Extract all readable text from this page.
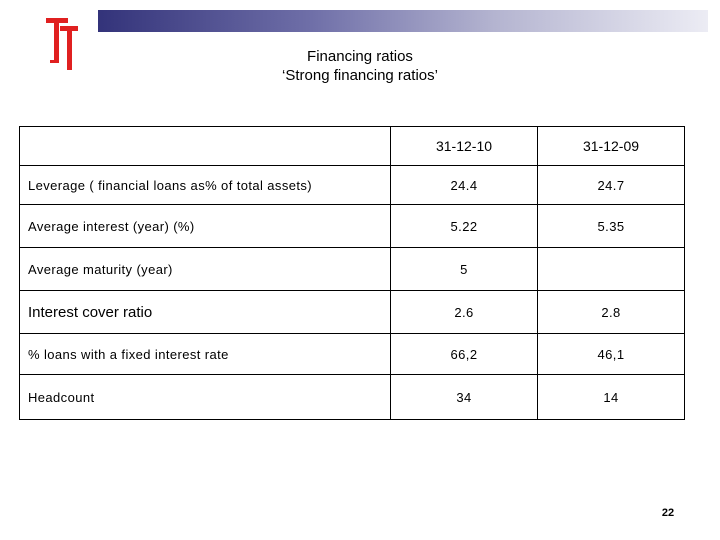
Financing ratios
‘Strong financing ratios’
	31-12-10	31-12-09
Leverage ( financial loans as% of total assets)	24.4	24.7
Average interest (year) (%)	5.22	5.35
Average maturity (year)	5	
Interest cover ratio	2.6	2.8
% loans with a fixed interest rate	66,2	46,1
Headcount	34	14
22
